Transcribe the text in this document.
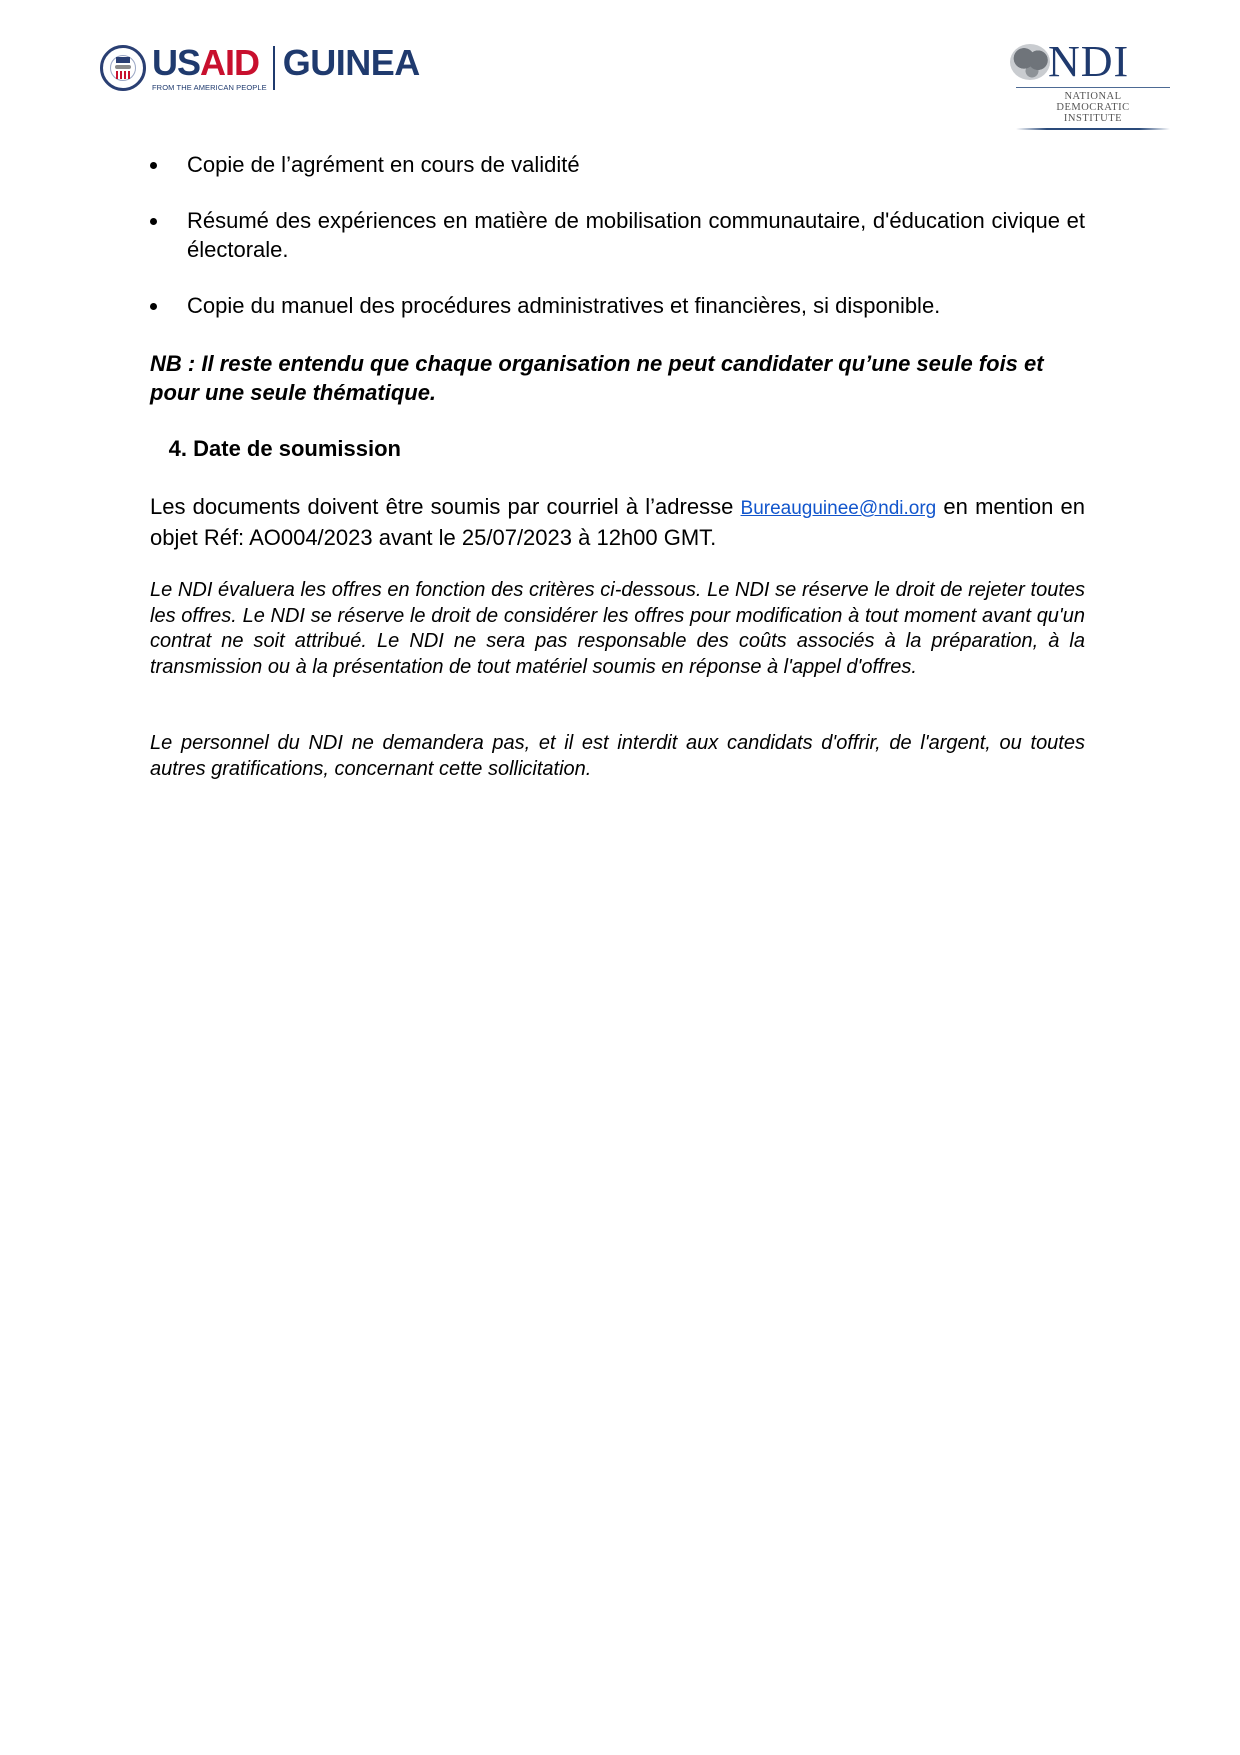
USAID
FROM THE AMERICAN PEOPLE
GUINEA	NDI
NATIONAL
DEMOCRATIC
INSTITUTE
Copie de l’agrément en cours de validité
Résumé des expériences en matière de mobilisation communautaire, d'éducation civique et électorale.
Copie du manuel des procédures administratives et financières, si disponible.

NB : Il reste entendu que chaque organisation ne peut candidater qu’une seule fois et pour une seule thématique.

4. Date de soumission

Les documents doivent être soumis par courriel à l’adresse Bureauguinee@ndi.org en mention en objet Réf: AO004/2023 avant le 25/07/2023 à 12h00 GMT.

Le NDI évaluera les offres en fonction des critères ci-dessous. Le NDI se réserve le droit de rejeter toutes les offres. Le NDI se réserve le droit de considérer les offres pour modification à tout moment avant qu'un contrat ne soit attribué. Le NDI ne sera pas responsable des coûts associés à la préparation, à la transmission ou à la présentation de tout matériel soumis en réponse à l'appel d'offres.

Le personnel du NDI ne demandera pas, et il est interdit aux candidats d'offrir, de l'argent, ou toutes autres gratifications, concernant cette sollicitation.
